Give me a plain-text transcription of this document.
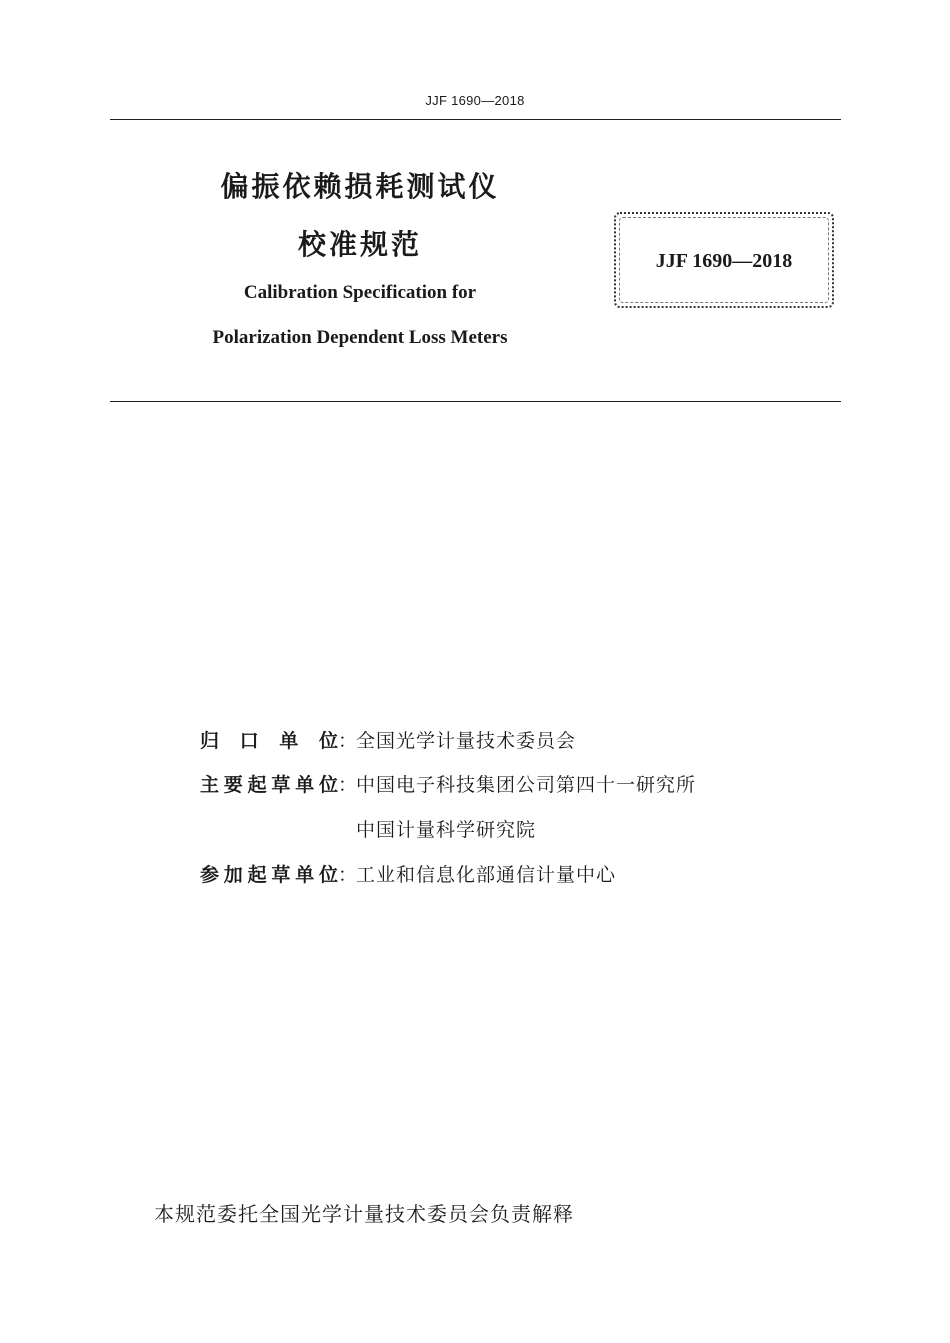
JJF 1690—2018
偏振依赖损耗测试仪
校准规范
Calibration Specification for
Polarization Dependent Loss Meters
JJF 1690—2018
归口单位：全国光学计量技术委员会
主要起草单位：中国电子科技集团公司第四十一研究所
中国计量科学研究院
参加起草单位：工业和信息化部通信计量中心
本规范委托全国光学计量技术委员会负责解释
